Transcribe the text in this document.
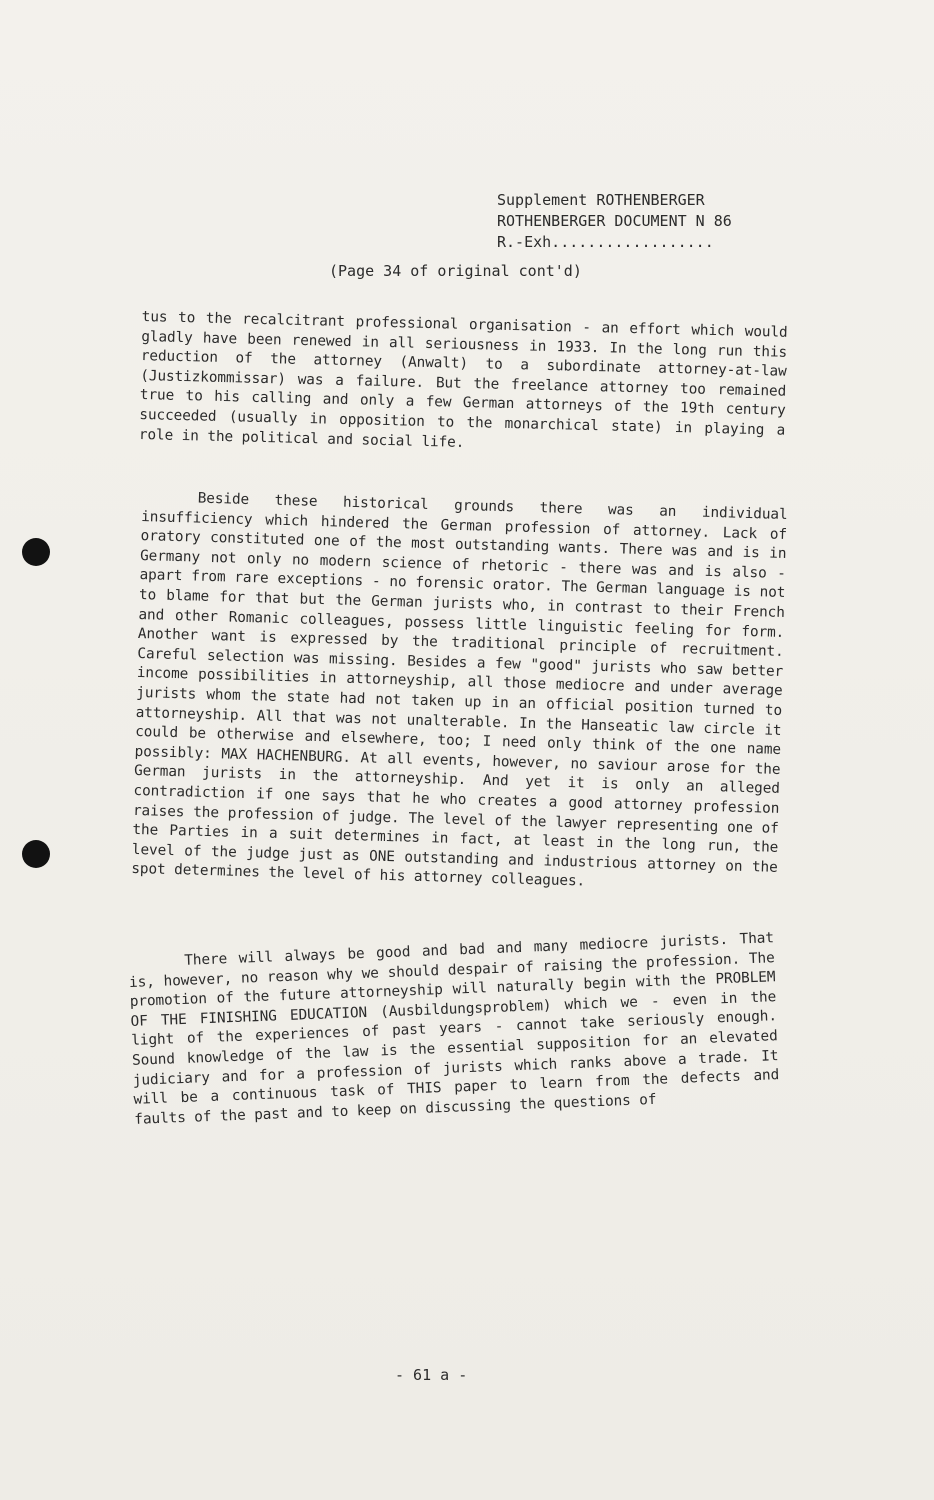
Supplement ROTHENBERGER
ROTHENBERGER DOCUMENT N 86
R.-Exh..................
(Page 34 of original cont'd)
tus to the recalcitrant professional organisation - an effort which would gladly have been renewed in all seriousness in 1933. In the long run this reduction of the attorney (Anwalt) to a subordinate attorney-at-law (Justizkommissar) was a failure. But the freelance attorney too remained true to his calling and only a few German attorneys of the 19th century succeeded (usually in opposition to the monarchical state) in playing a role in the political and social life.
Beside these historical grounds there was an individual insufficiency which hindered the German profession of attorney. Lack of oratory constituted one of the most outstanding wants. There was and is in Germany not only no modern science of rhetoric - there was and is also - apart from rare exceptions - no forensic orator. The German language is not to blame for that but the German jurists who, in contrast to their French and other Romanic colleagues, possess little linguistic feeling for form. Another want is expressed by the traditional principle of recruitment. Careful selection was missing. Besides a few "good" jurists who saw better income possibilities in attorneyship, all those mediocre and under average jurists whom the state had not taken up in an official position turned to attorneyship. All that was not unalterable. In the Hanseatic law circle it could be otherwise and elsewhere, too; I need only think of the one name possibly: MAX HACHENBURG. At all events, however, no saviour arose for the German jurists in the attorneyship. And yet it is only an alleged contradiction if one says that he who creates a good attorney profession raises the profession of judge. The level of the lawyer representing one of the Parties in a suit determines in fact, at least in the long run, the level of the judge just as ONE outstanding and industrious attorney on the spot determines the level of his attorney colleagues.
There will always be good and bad and many mediocre jurists. That is, however, no reason why we should despair of raising the profession. The promotion of the future attorneyship will naturally begin with the PROBLEM OF THE FINISHING EDUCATION (Ausbildungsproblem) which we - even in the light of the experiences of past years - cannot take seriously enough. Sound knowledge of the law is the essential supposition for an elevated judiciary and for a profession of jurists which ranks above a trade. It will be a continuous task of THIS paper to learn from the defects and faults of the past and to keep on discussing the questions of
- 61 a -
